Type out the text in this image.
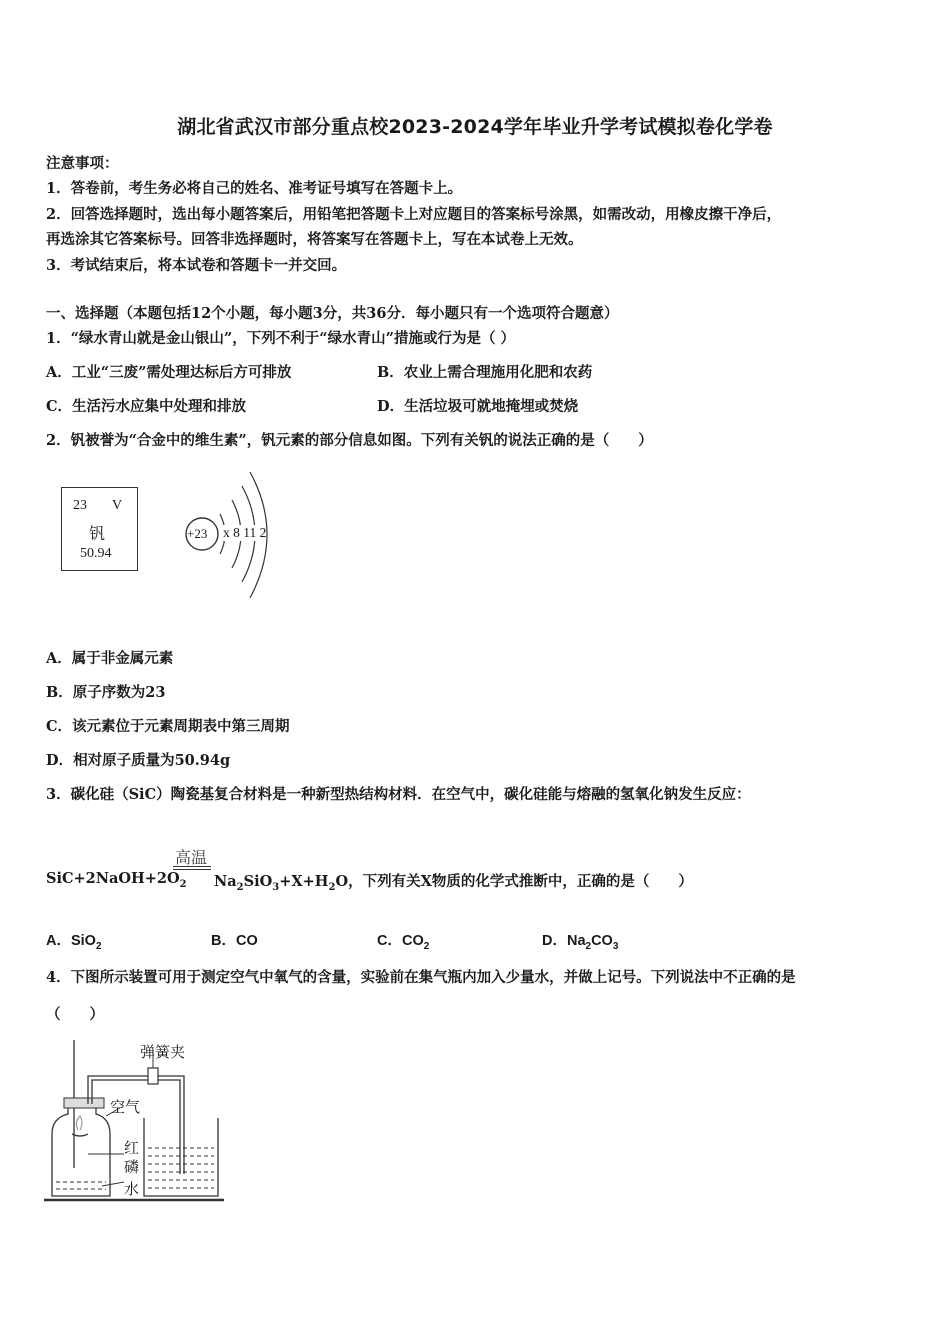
湖北省武汉市部分重点校2023-2024学年毕业升学考试模拟卷化学卷
注意事项：
1．答卷前，考生务必将自己的姓名、准考证号填写在答题卡上。
2．回答选择题时，选出每小题答案后，用铅笔把答题卡上对应题目的答案标号涂黑，如需改动，用橡皮擦干净后，
再选涂其它答案标号。回答非选择题时，将答案写在答题卡上，写在本试卷上无效。
3．考试结束后，将本试卷和答题卡一并交回。
一、选择题（本题包括12个小题，每小题3分，共36分．每小题只有一个选项符合题意）
1．“绿水青山就是金山银山”，下列不利于“绿水青山”措施或行为是（ ）
A．工业“三废”需处理达标后方可排放	B．农业上需合理施用化肥和农药
C．生活污水应集中处理和排放	D．生活垃圾可就地掩埋或焚烧
2．钒被誉为“合金中的维生素”，钒元素的部分信息如图。下列有关钒的说法正确的是（　　）
23 V
钒
50.94
+23 x 8 11 2
A．属于非金属元素
B．原子序数为23
C．该元素位于元素周期表中第三周期
D．相对原子质量为50.94g
3．碳化硅（SiC）陶瓷基复合材料是一种新型热结构材料．在空气中，碳化硅能与熔融的氢氧化钠发生反应：
高温
$SiC+2NaOH+2O_2$ $Na_2SiO_3+X+H_2O$，下列有关X物质的化学式推断中，正确的是（　　）
A．SiO$_2$	B．CO	C．$CO_2$	D．$Na_2CO_3$
4．下图所示装置可用于测定空气中氧气的含量，实验前在集气瓶内加入少量水，并做上记号。下列说法中不正确的是
（　　）
弹簧夹
空气
红磷
水
